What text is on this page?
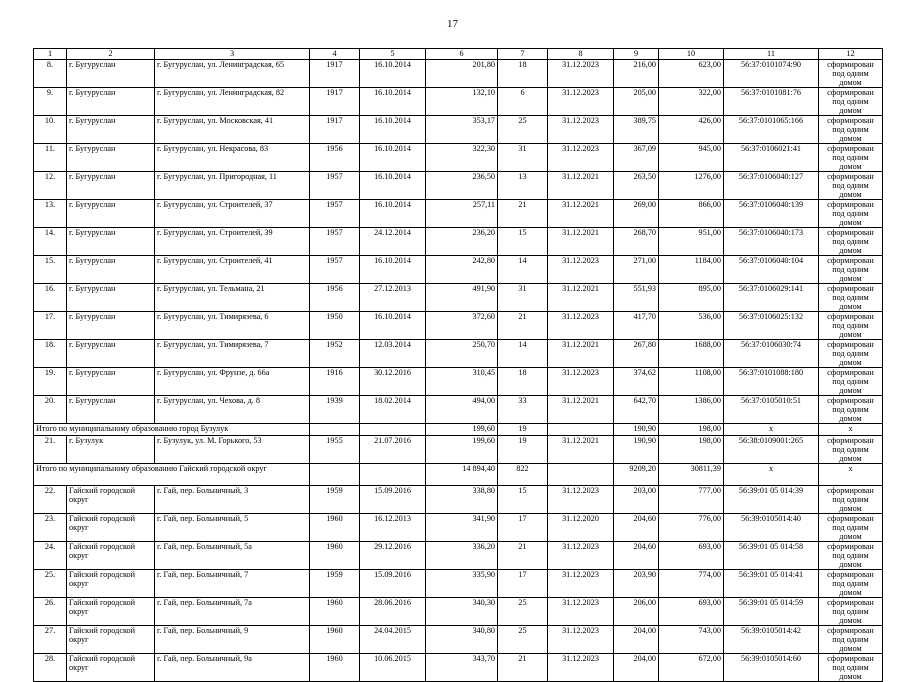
17
1	2	3	4	5	6	7	8	9	10	11	12
8.	г. Бугуруслан	г. Бугуруслан, ул. Ленинградская, 65	1917	16.10.2014	201,80	18	31.12.2023	216,00	623,00	56:37:0101074:90	сформирован под одним домом
9.	г. Бугуруслан	г. Бугуруслан, ул. Ленинградская, 82	1917	16.10.2014	132,10	6	31.12.2023	205,00	322,00	56:37:0101081:76	сформирован под одним домом
10.	г. Бугуруслан	г. Бугуруслан, ул. Московская, 41	1917	16.10.2014	353,17	25	31.12.2023	389,75	426,00	56:37:0101065:166	сформирован под одним домом
11.	г. Бугуруслан	г. Бугуруслан, ул. Некрасова, 83	1956	16.10.2014	322,30	31	31.12.2023	367,09	945,00	56:37:0106021:41	сформирован под одним домом
12.	г. Бугуруслан	г. Бугуруслан, ул. Пригородная, 11	1957	16.10.2014	236,50	13	31.12.2021	263,50	1276,00	56:37:0106040:127	сформирован под одним домом
13.	г. Бугуруслан	г. Бугуруслан, ул. Строителей, 37	1957	16.10.2014	257,11	21	31.12.2021	269,00	866,00	56:37:0106040:139	сформирован под одним домом
14.	г. Бугуруслан	г. Бугуруслан, ул. Строителей, 39	1957	24.12.2014	236,20	15	31.12.2021	268,70	951,00	56:37:0106040:173	сформирован под одним домом
15.	г. Бугуруслан	г. Бугуруслан, ул. Строителей, 41	1957	16.10.2014	242,80	14	31.12.2023	271,00	1184,00	56:37:0106040:104	сформирован под одним домом
16.	г. Бугуруслан	г. Бугуруслан, ул. Тельмана, 21	1956	27.12.2013	491,90	31	31.12.2021	551,93	895,00	56:37:0106029:141	сформирован под одним домом
17.	г. Бугуруслан	г. Бугуруслан, ул. Тимирязева, 6	1950	16.10.2014	372,60	21	31.12.2023	417,70	536,00	56:37:0106025:132	сформирован под одним домом
18.	г. Бугуруслан	г. Бугуруслан, ул. Тимирязева, 7	1952	12.03.2014	250,70	14	31.12.2021	267,80	1688,00	56:37:0106030:74	сформирован под одним домом
19.	г. Бугуруслан	г. Бугуруслан, ул. Фрунзе, д. 66а	1916	30.12.2016	310,45	18	31.12.2023	374,62	1108,00	56:37:0101088:180	сформирован под одним домом
20.	г. Бугуруслан	г. Бугуруслан, ул. Чехова, д. 8	1939	18.02.2014	494,00	33	31.12.2021	642,70	1386,00	56:37:0105010:51	сформирован под одним домом
Итого по муниципальному образованию город Бузулук					199,60	19		190,90	198,00	х	х
21.	г. Бузулук	г. Бузулук, ул. М. Горького, 53	1955	21.07.2016	199,60	19	31.12.2021	190,90	198,00	56:38:0109001:265	сформирован под одним домом
Итого по муниципальному образованию Гайский городской округ					14 894,40	822		9209,20	30811,39	х	х
22.	Гайский городской округ	г. Гай, пер. Больничный, 3	1959	15.09.2016	338,80	15	31.12.2023	203,00	777,00	56:39:01 05 014:39	сформирован под одним домом
23.	Гайский городской округ	г. Гай, пер. Больничный, 5	1960	16.12.2013	341,90	17	31.12.2020	204,60	776,00	56:39:0105014:40	сформирован под одним домом
24.	Гайский городской округ	г. Гай, пер. Больничный, 5а	1960	29.12.2016	336,20	21	31.12.2023	204,60	693,00	56:39:01 05 014:58	сформирован под одним домом
25.	Гайский городской округ	г. Гай, пер. Больничный, 7	1959	15.09.2016	335,90	17	31.12.2023	203,90	774,00	56:39:01 05 014:41	сформирован под одним домом
26.	Гайский городской округ	г. Гай, пер. Больничный, 7а	1960	28.06.2016	340,30	25	31.12.2023	206,00	693,00	56:39:01 05 014:59	сформирован под одним домом
27.	Гайский городской округ	г. Гай, пер. Больничный, 9	1960	24.04.2015	340,80	25	31.12.2023	204,00	743,00	56:39:0105014:42	сформирован под одним домом
28.	Гайский городской округ	г. Гай, пер. Больничный, 9а	1960	10.06.2015	343,70	21	31.12.2023	204,00	672,00	56:39:0105014:60	сформирован под одним домом
